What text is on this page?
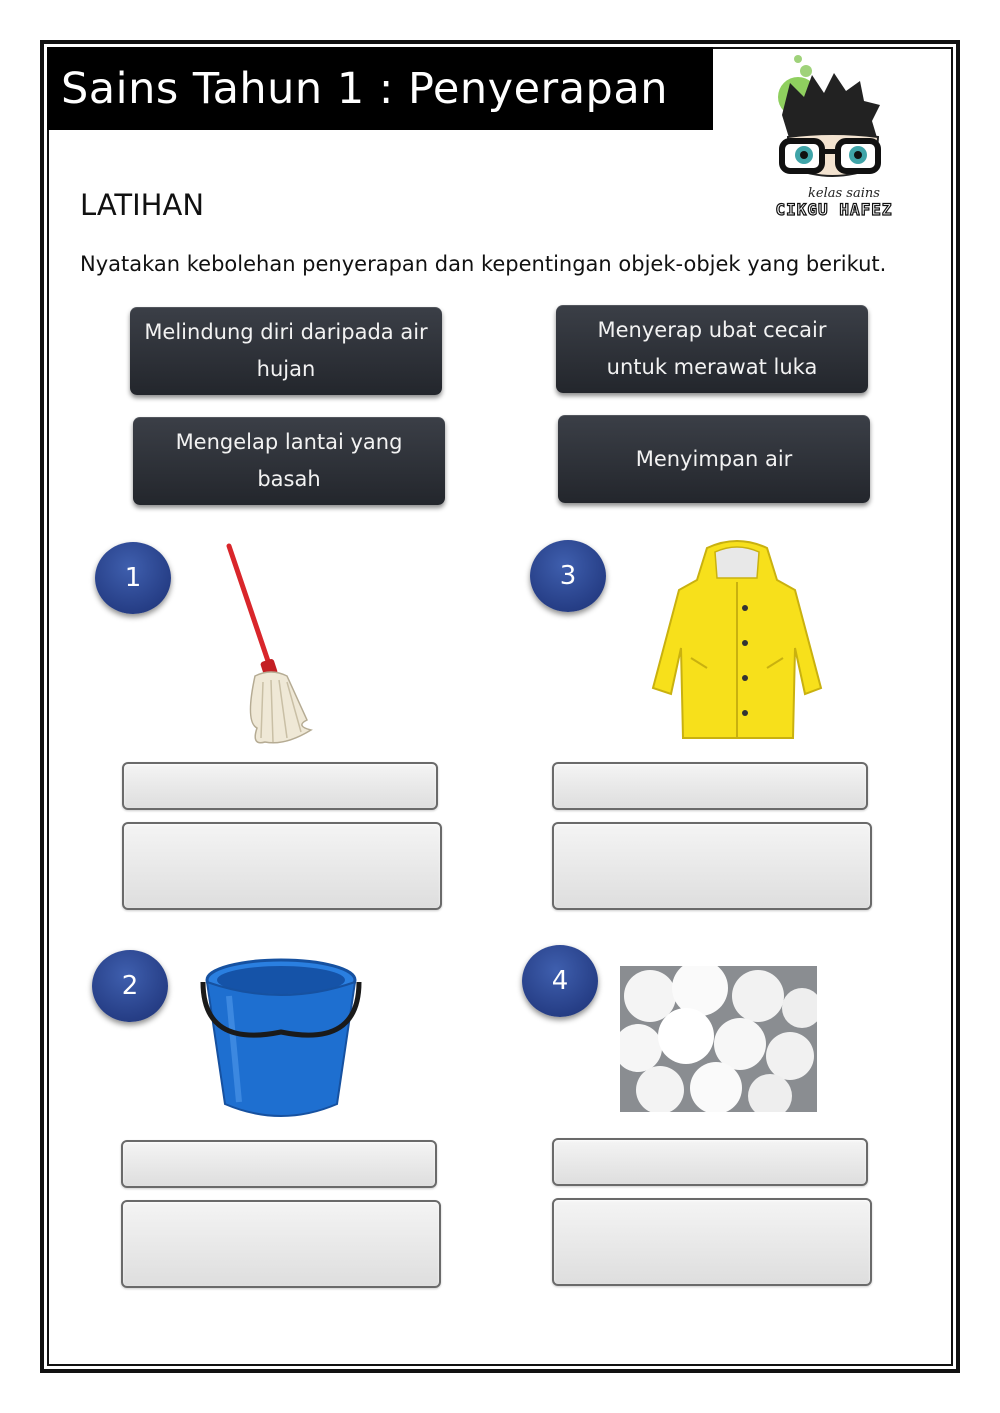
Sains Tahun 1 : Penyerapan
kelas sains
CIKGU HAFEZ
LATIHAN
Nyatakan kebolehan penyerapan dan kepentingan objek-objek yang berikut.
Melindung diri daripada air hujan
Menyerap ubat cecair untuk merawat luka
Mengelap lantai yang basah
Menyimpan air
1	3
2	4
